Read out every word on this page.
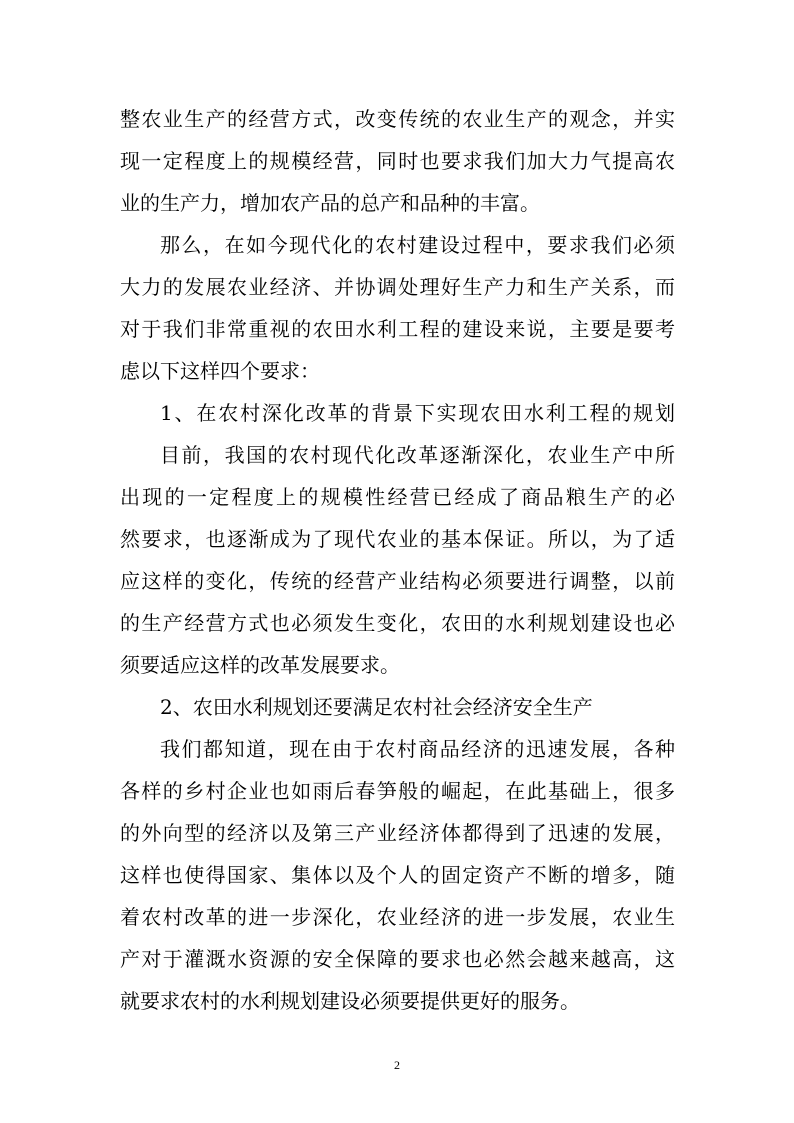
整农业生产的经营方式，改变传统的农业生产的观念，并实
现一定程度上的规模经营，同时也要求我们加大力气提高农
业的生产力，增加农产品的总产和品种的丰富。
那么，在如今现代化的农村建设过程中，要求我们必须
大力的发展农业经济、并协调处理好生产力和生产关系，而
对于我们非常重视的农田水利工程的建设来说，主要是要考
虑以下这样四个要求：
1、在农村深化改革的背景下实现农田水利工程的规划
目前，我国的农村现代化改革逐渐深化，农业生产中所
出现的一定程度上的规模性经营已经成了商品粮生产的必
然要求，也逐渐成为了现代农业的基本保证。所以，为了适
应这样的变化，传统的经营产业结构必须要进行调整，以前
的生产经营方式也必须发生变化，农田的水利规划建设也必
须要适应这样的改革发展要求。
2、农田水利规划还要满足农村社会经济安全生产
我们都知道，现在由于农村商品经济的迅速发展，各种
各样的乡村企业也如雨后春笋般的崛起，在此基础上，很多
的外向型的经济以及第三产业经济体都得到了迅速的发展，
这样也使得国家、集体以及个人的固定资产不断的增多，随
着农村改革的进一步深化，农业经济的进一步发展，农业生
产对于灌溉水资源的安全保障的要求也必然会越来越高，这
就要求农村的水利规划建设必须要提供更好的服务。
2
